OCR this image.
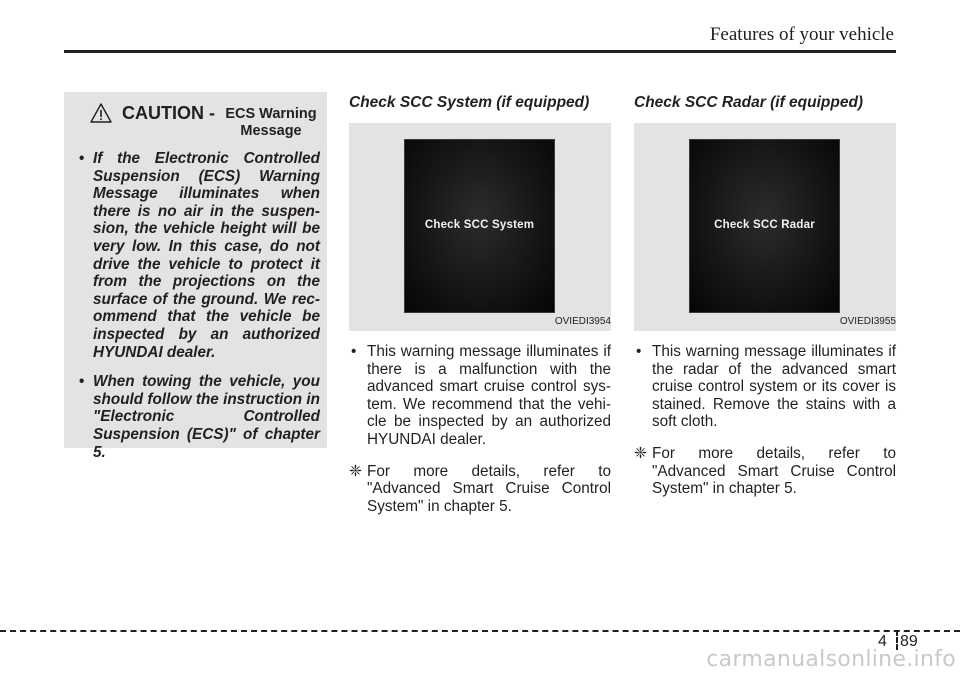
Features of your vehicle
CAUTION - ECS Warning Message
• If the Electronic Controlled Suspension (ECS) Warning Message illuminates when there is no air in the suspen-sion, the vehicle height will be very low. In this case, do not drive the vehicle to protect it from the projections on the surface of the ground. We rec-ommend that the vehicle be inspected by an authorized HYUNDAI dealer.
• When towing the vehicle, you should follow the instruction in "Electronic Controlled Suspension (ECS)" of chapter 5.
Check SCC System (if equipped)
Check SCC System
OVIEDI3954
• This warning message illuminates if there is a malfunction with the advanced smart cruise control sys-tem. We recommend that the vehi-cle be inspected by an authorized HYUNDAI dealer.
❈ For more details, refer to "Advanced Smart Cruise Control System" in chapter 5.
Check SCC Radar (if equipped)
Check SCC Radar
OVIEDI3955
• This warning message illuminates if the radar of the advanced smart cruise control system or its cover is stained. Remove the stains with a soft cloth.
❈ For more details, refer to "Advanced Smart Cruise Control System" in chapter 5.
4 89
carmanualsonline.info
